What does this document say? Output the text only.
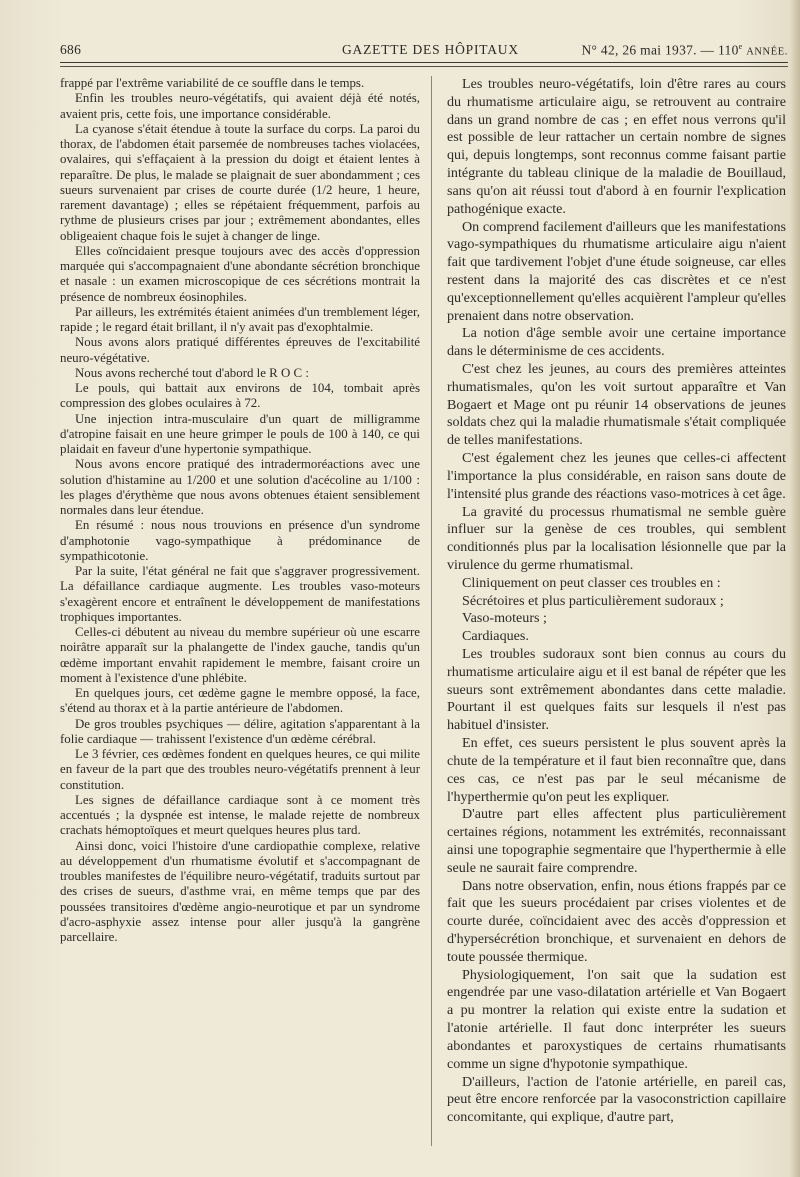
686	GAZETTE DES HÔPITAUX	N° 42, 26 mai 1937. — 110e ANNÉE.

frappé par l'extrême variabilité de ce souffle dans le temps.

Enfin les troubles neuro-végétatifs, qui avaient déjà été notés, avaient pris, cette fois, une importance considérable.

La cyanose s'était étendue à toute la surface du corps. La paroi du thorax, de l'abdomen était parsemée de nombreuses taches violacées, ovalaires, qui s'effaçaient à la pression du doigt et étaient lentes à reparaître. De plus, le malade se plaignait de suer abondamment ; ces sueurs survenaient par crises de courte durée (1/2 heure, 1 heure, rarement davantage) ; elles se répétaient fréquemment, parfois au rythme de plusieurs crises par jour ; extrêmement abondantes, elles obligeaient chaque fois le sujet à changer de linge.

Elles coïncidaient presque toujours avec des accès d'oppression marquée qui s'accompagnaient d'une abondante sécrétion bronchique et nasale : un examen microscopique de ces sécrétions montrait la présence de nombreux éosinophiles.

Par ailleurs, les extrémités étaient animées d'un tremblement léger, rapide ; le regard était brillant, il n'y avait pas d'exophtalmie.

Nous avons alors pratiqué différentes épreuves de l'excitabilité neuro-végétative.

Nous avons recherché tout d'abord le R O C :

Le pouls, qui battait aux environs de 104, tombait après compression des globes oculaires à 72.

Une injection intra-musculaire d'un quart de milligramme d'atropine faisait en une heure grimper le pouls de 100 à 140, ce qui plaidait en faveur d'une hypertonie sympathique.

Nous avons encore pratiqué des intradermoréactions avec une solution d'histamine au 1/200 et une solution d'acécoline au 1/100 : les plages d'érythème que nous avons obtenues étaient sensiblement normales dans leur étendue.

En résumé : nous nous trouvions en présence d'un syndrome d'amphotonie vago-sympathique à prédominance de sympathicotonie.

Par la suite, l'état général ne fait que s'aggraver progressivement. La défaillance cardiaque augmente. Les troubles vaso-moteurs s'exagèrent encore et entraînent le développement de manifestations trophiques importantes.

Celles-ci débutent au niveau du membre supérieur où une escarre noirâtre apparaît sur la phalangette de l'index gauche, tandis qu'un œdème important envahit rapidement le membre, faisant croire un moment à l'existence d'une phlébite.

En quelques jours, cet œdème gagne le membre opposé, la face, s'étend au thorax et à la partie antérieure de l'abdomen.

De gros troubles psychiques — délire, agitation s'apparentant à la folie cardiaque — trahissent l'existence d'un œdème cérébral.

Le 3 février, ces œdèmes fondent en quelques heures, ce qui milite en faveur de la part que des troubles neuro-végétatifs prennent à leur constitution.

Les signes de défaillance cardiaque sont à ce moment très accentués ; la dyspnée est intense, le malade rejette de nombreux crachats hémoptoïques et meurt quelques heures plus tard.

Ainsi donc, voici l'histoire d'une cardiopathie complexe, relative au développement d'un rhumatisme évolutif et s'accompagnant de troubles manifestes de l'équilibre neuro-végétatif, traduits surtout par des crises de sueurs, d'asthme vrai, en même temps que par des poussées transitoires d'œdème angio-neurotique et par un syndrome d'acro-asphyxie assez intense pour aller jusqu'à la gangrène parcellaire.

Les troubles neuro-végétatifs, loin d'être rares au cours du rhumatisme articulaire aigu, se retrouvent au contraire dans un grand nombre de cas ; en effet nous verrons qu'il est possible de leur rattacher un certain nombre de signes qui, depuis longtemps, sont reconnus comme faisant partie intégrante du tableau clinique de la maladie de Bouillaud, sans qu'on ait réussi tout d'abord à en fournir l'explication pathogénique exacte.

On comprend facilement d'ailleurs que les manifestations vago-sympathiques du rhumatisme articulaire aigu n'aient fait que tardivement l'objet d'une étude soigneuse, car elles restent dans la majorité des cas discrètes et ce n'est qu'exceptionnellement qu'elles acquièrent l'ampleur qu'elles prenaient dans notre observation.

La notion d'âge semble avoir une certaine importance dans le déterminisme de ces accidents.

C'est chez les jeunes, au cours des premières atteintes rhumatismales, qu'on les voit surtout apparaître et Van Bogaert et Mage ont pu réunir 14 observations de jeunes soldats chez qui la maladie rhumatismale s'était compliquée de telles manifestations.

C'est également chez les jeunes que celles-ci affectent l'importance la plus considérable, en raison sans doute de l'intensité plus grande des réactions vaso-motrices à cet âge.

La gravité du processus rhumatismal ne semble guère influer sur la genèse de ces troubles, qui semblent conditionnés plus par la localisation lésionnelle que par la virulence du germe rhumatismal.

Cliniquement on peut classer ces troubles en :

Sécrétoires et plus particulièrement sudoraux ;

Vaso-moteurs ;

Cardiaques.

Les troubles sudoraux sont bien connus au cours du rhumatisme articulaire aigu et il est banal de répéter que les sueurs sont extrêmement abondantes dans cette maladie. Pourtant il est quelques faits sur lesquels il n'est pas habituel d'insister.

En effet, ces sueurs persistent le plus souvent après la chute de la température et il faut bien reconnaître que, dans ces cas, ce n'est pas par le seul mécanisme de l'hyperthermie qu'on peut les expliquer.

D'autre part elles affectent plus particulièrement certaines régions, notamment les extrémités, reconnaissant ainsi une topographie segmentaire que l'hyperthermie à elle seule ne saurait faire comprendre.

Dans notre observation, enfin, nous étions frappés par ce fait que les sueurs procédaient par crises violentes et de courte durée, coïncidaient avec des accès d'oppression et d'hypersécrétion bronchique, et survenaient en dehors de toute poussée thermique.

Physiologiquement, l'on sait que la sudation est engendrée par une vaso-dilatation artérielle et Van Bogaert a pu montrer la relation qui existe entre la sudation et l'atonie artérielle. Il faut donc interpréter les sueurs abondantes et paroxystiques de certains rhumatisants comme un signe d'hypotonie sympathique.

D'ailleurs, l'action de l'atonie artérielle, en pareil cas, peut être encore renforcée par la vasoconstriction capillaire concomitante, qui explique, d'autre part,
